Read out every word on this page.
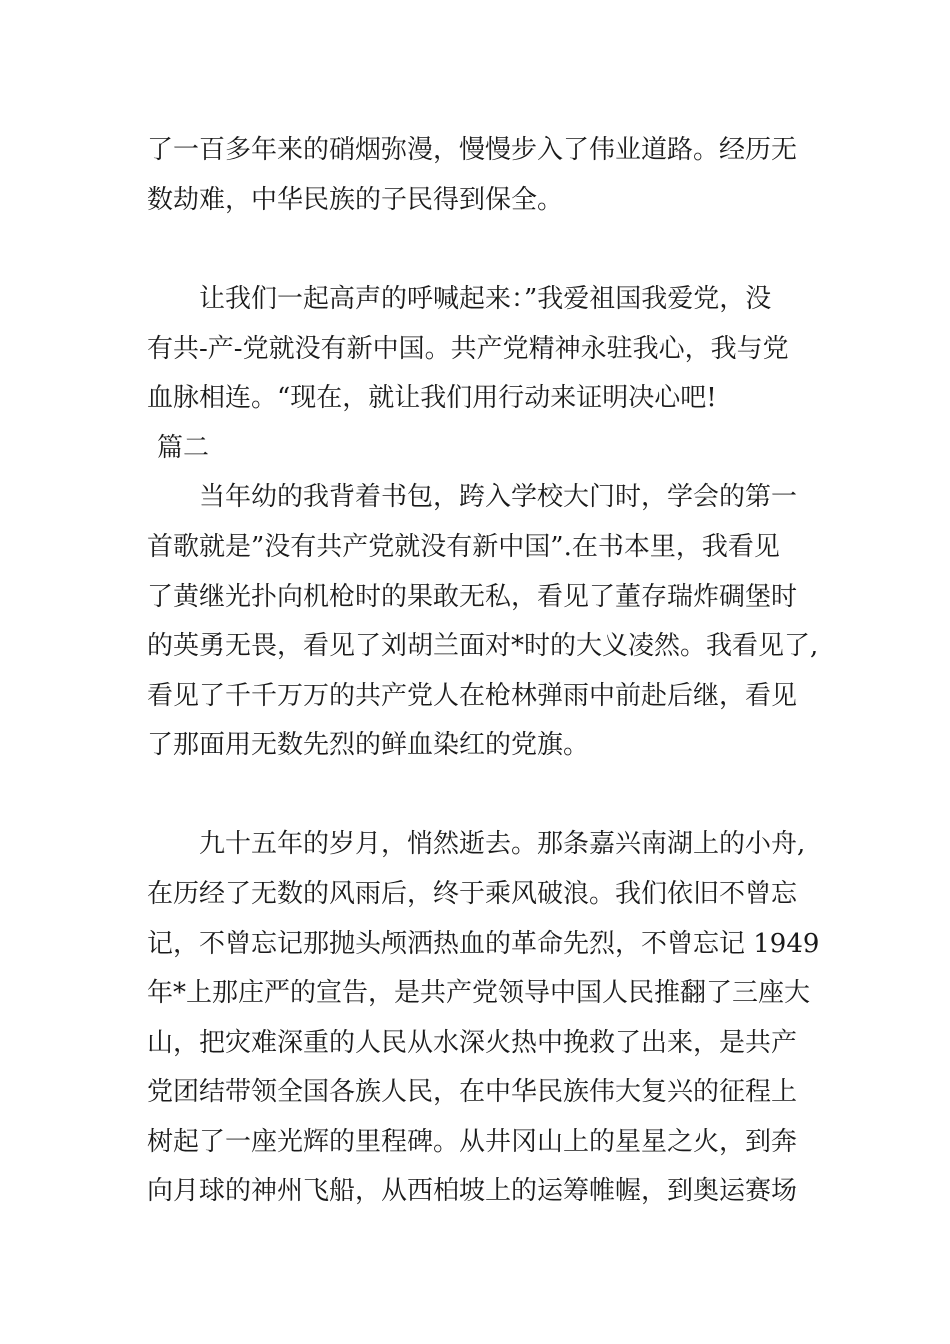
了一百多年来的硝烟弥漫，慢慢步入了伟业道路。经历无
数劫难，中华民族的子民得到保全。
　　让我们一起高声的呼喊起来：”我爱祖国我爱党，没
有共-产-党就没有新中国。共产党精神永驻我心，我与党
血脉相连。“现在，就让我们用行动来证明决心吧!
篇二
　　当年幼的我背着书包，跨入学校大门时，学会的第一
首歌就是”没有共产党就没有新中国”.在书本里，我看见
了黄继光扑向机枪时的果敢无私，看见了董存瑞炸碉堡时
的英勇无畏，看见了刘胡兰面对*时的大义凌然。我看见了,
看见了千千万万的共产党人在枪林弹雨中前赴后继，看见
了那面用无数先烈的鲜血染红的党旗。
　　九十五年的岁月，悄然逝去。那条嘉兴南湖上的小舟,
在历经了无数的风雨后，终于乘风破浪。我们依旧不曾忘
记，不曾忘记那抛头颅洒热血的革命先烈，不曾忘记 1949
年*上那庄严的宣告，是共产党领导中国人民推翻了三座大
山，把灾难深重的人民从水深火热中挽救了出来，是共产
党团结带领全国各族人民，在中华民族伟大复兴的征程上
树起了一座光辉的里程碑。从井冈山上的星星之火，到奔
向月球的神州飞船，从西柏坡上的运筹帷幄，到奥运赛场
